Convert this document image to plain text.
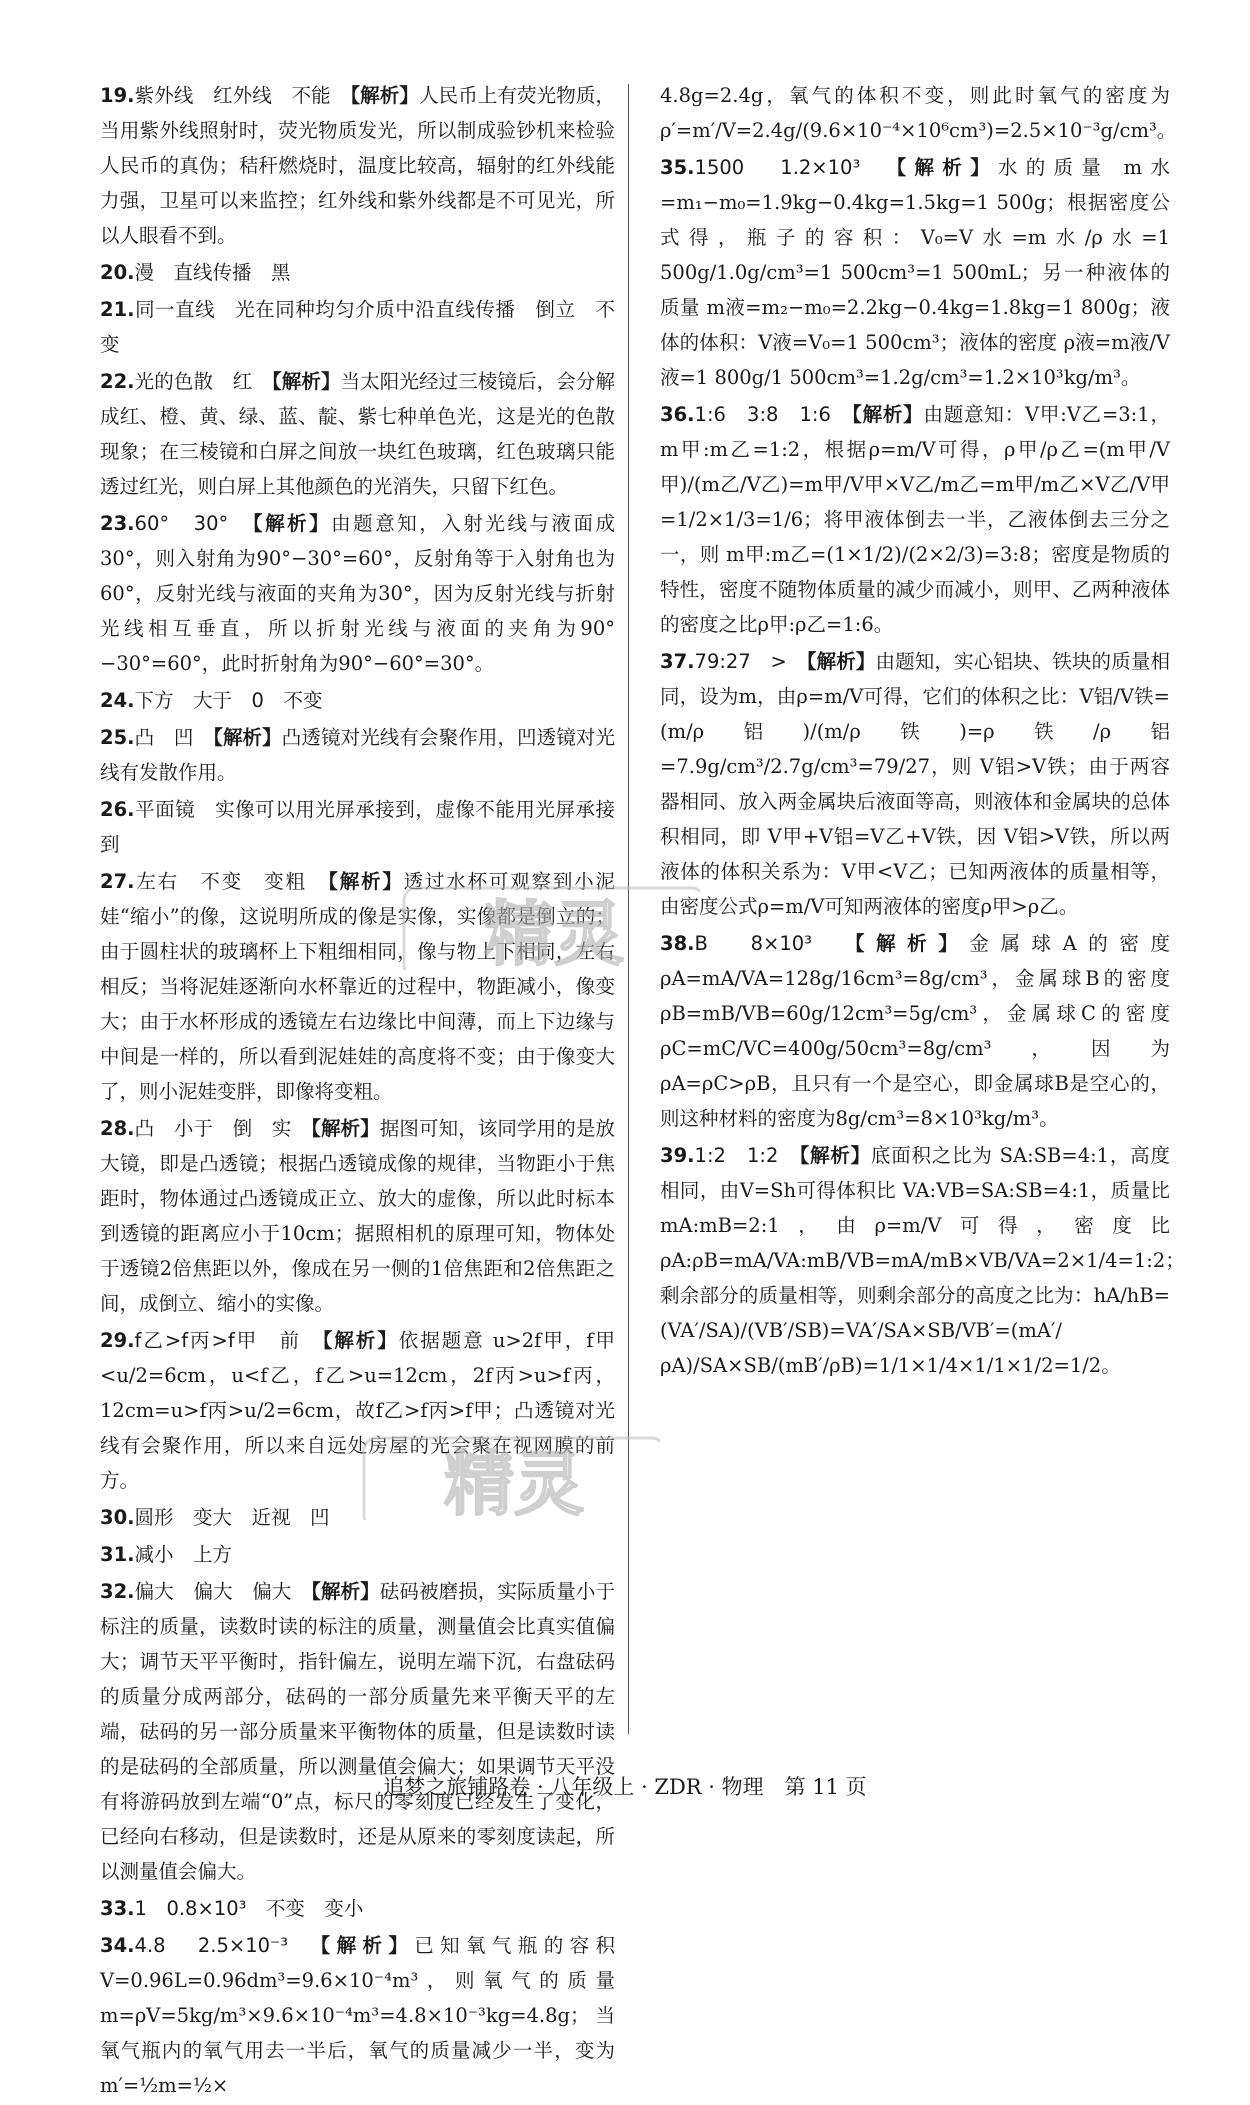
19.紫外线　红外线　不能　 【解析】人民币上有荧光物质，当用紫外线照射时，荧光物质发光，所以制成验钞机来检验人民币的真伪；秸秆燃烧时，温度比较高，辐射的红外线能力强，卫星可以来监控；红外线和紫外线都是不可见光，所以人眼看不到。

20.漫　直线传播　黑

21.同一直线　光在同种均匀介质中沿直线传播　倒立　不变

22.光的色散　红　 【解析】当太阳光经过三棱镜后，会分解成红、橙、黄、绿、蓝、靛、紫七种单色光，这是光的色散现象；在三棱镜和白屏之间放一块红色玻璃，红色玻璃只能透过红光，则白屏上其他颜色的光消失，只留下红色。

23.60°　30°　 【解析】由题意知，入射光线与液面成30°，则入射角为90°−30°=60°，反射角等于入射角也为60°，反射光线与液面的夹角为30°，因为反射光线与折射光线相互垂直，所以折射光线与液面的夹角为90°−30°=60°，此时折射角为90°−60°=30°。

24.下方　大于　0　不变

25.凸　凹　 【解析】凸透镜对光线有会聚作用，凹透镜对光线有发散作用。

26.平面镜　实像可以用光屏承接到，虚像不能用光屏承接到

27.左右　不变　变粗　 【解析】透过水杯可观察到小泥娃“缩小”的像，这说明所成的像是实像，实像都是倒立的；由于圆柱状的玻璃杯上下粗细相同，像与物上下相同，左右相反；当将泥娃逐渐向水杯靠近的过程中，物距减小，像变大；由于水杯形成的透镜左右边缘比中间薄，而上下边缘与中间是一样的，所以看到泥娃娃的高度将不变；由于像变大了，则小泥娃变胖，即像将变粗。

28.凸　小于　倒　实　 【解析】据图可知，该同学用的是放大镜，即是凸透镜；根据凸透镜成像的规律，当物距小于焦距时，物体通过凸透镜成正立、放大的虚像，所以此时标本到透镜的距离应小于10cm；据照相机的原理可知，物体处于透镜2倍焦距以外，像成在另一侧的1倍焦距和2倍焦距之间，成倒立、缩小的实像。

29.f乙>f丙>f甲　前　 【解析】依据题意 u>2f甲，f甲<u/2=6cm，u<f乙，f乙>u=12cm，2f丙>u>f丙，12cm=u>f丙>u/2=6cm，故f乙>f丙>f甲；凸透镜对光线有会聚作用，所以来自远处房屋的光会聚在视网膜的前方。

30.圆形　变大　近视　凹

31.减小　上方

32.偏大　偏大　偏大　 【解析】砝码被磨损，实际质量小于标注的质量，读数时读的标注的质量，测量值会比真实值偏大；调节天平平衡时，指针偏左，说明左端下沉，右盘砝码的质量分成两部分，砝码的一部分质量先来平衡天平的左端，砝码的另一部分质量来平衡物体的质量，但是读数时读的是砝码的全部质量，所以测量值会偏大；如果调节天平没有将游码放到左端“0”点，标尺的零刻度已经发生了变化，已经向右移动，但是读数时，还是从原来的零刻度读起，所以测量值会偏大。

33.1　0.8×10³　不变　变小

34.4.8　2.5×10⁻³　 【解析】已知氧气瓶的容积V=0.96L=0.96dm³=9.6×10⁻⁴m³，则氧气的质量m=ρV=5kg/m³×9.6×10⁻⁴m³=4.8×10⁻³kg=4.8g；当氧气瓶内的氧气用去一半后，氧气的质量减少一半，变为 m′=½m=½×

4.8g=2.4g，氧气的体积不变，则此时氧气的密度为ρ′=m′/V=2.4g/(9.6×10⁻⁴×10⁶cm³)=2.5×10⁻³g/cm³。

35.1500　1.2×10³　 【解析】水的质量 m水=m₁−m₀=1.9kg−0.4kg=1.5kg=1 500g；根据密度公式得，瓶子的容积：V₀=V水=m水/ρ水=1 500g/1.0g/cm³=1 500cm³=1 500mL；另一种液体的质量 m液=m₂−m₀=2.2kg−0.4kg=1.8kg=1 800g；液体的体积：V液=V₀=1 500cm³；液体的密度 ρ液=m液/V液=1 800g/1 500cm³=1.2g/cm³=1.2×10³kg/m³。

36.1:6　3:8　1:6　 【解析】由题意知：V甲:V乙=3:1，m甲:m乙=1:2，根据ρ=m/V可得，ρ甲/ρ乙=(m甲/V甲)/(m乙/V乙)=m甲/V甲×V乙/m乙=m甲/m乙×V乙/V甲=1/2×1/3=1/6；将甲液体倒去一半，乙液体倒去三分之一，则 m甲:m乙=(1×1/2)/(2×2/3)=3:8；密度是物质的特性，密度不随物体质量的减少而减小，则甲、乙两种液体的密度之比ρ甲:ρ乙=1:6。

37.79:27　>　 【解析】由题知，实心铝块、铁块的质量相同，设为m，由ρ=m/V可得，它们的体积之比：V铝/V铁=(m/ρ铝)/(m/ρ铁)=ρ铁/ρ铝=7.9g/cm³/2.7g/cm³=79/27，则 V铝>V铁；由于两容器相同、放入两金属块后液面等高，则液体和金属块的总体积相同，即 V甲+V铝=V乙+V铁，因 V铝>V铁，所以两液体的体积关系为：V甲<V乙；已知两液体的质量相等，由密度公式ρ=m/V可知两液体的密度ρ甲>ρ乙。

38.B　8×10³　 【解析】金属球A的密度ρA=mA/VA=128g/16cm³=8g/cm³，金属球B的密度ρB=mB/VB=60g/12cm³=5g/cm³，金属球C的密度ρC=mC/VC=400g/50cm³=8g/cm³，因为ρA=ρC>ρB，且只有一个是空心，即金属球B是空心的，则这种材料的密度为8g/cm³=8×10³kg/m³。

39.1:2　1:2　 【解析】底面积之比为 SA:SB=4:1，高度相同，由V=Sh可得体积比 VA:VB=SA:SB=4:1，质量比 mA:mB=2:1，由ρ=m/V可得，密度比ρA:ρB=mA/VA:mB/VB=mA/mB×VB/VA=2×1/4=1:2；剩余部分的质量相等，则剩余部分的高度之比为：hA/hB=(VA′/SA)/(VB′/SB)=VA′/SA×SB/VB′=(mA′/ρA)/SA×SB/(mB′/ρB)=1/1×1/4×1/1×1/2=1/2。

精灵
精灵
追梦之旅铺路卷 · 八年级上 · ZDR · 物理　第 11 页
